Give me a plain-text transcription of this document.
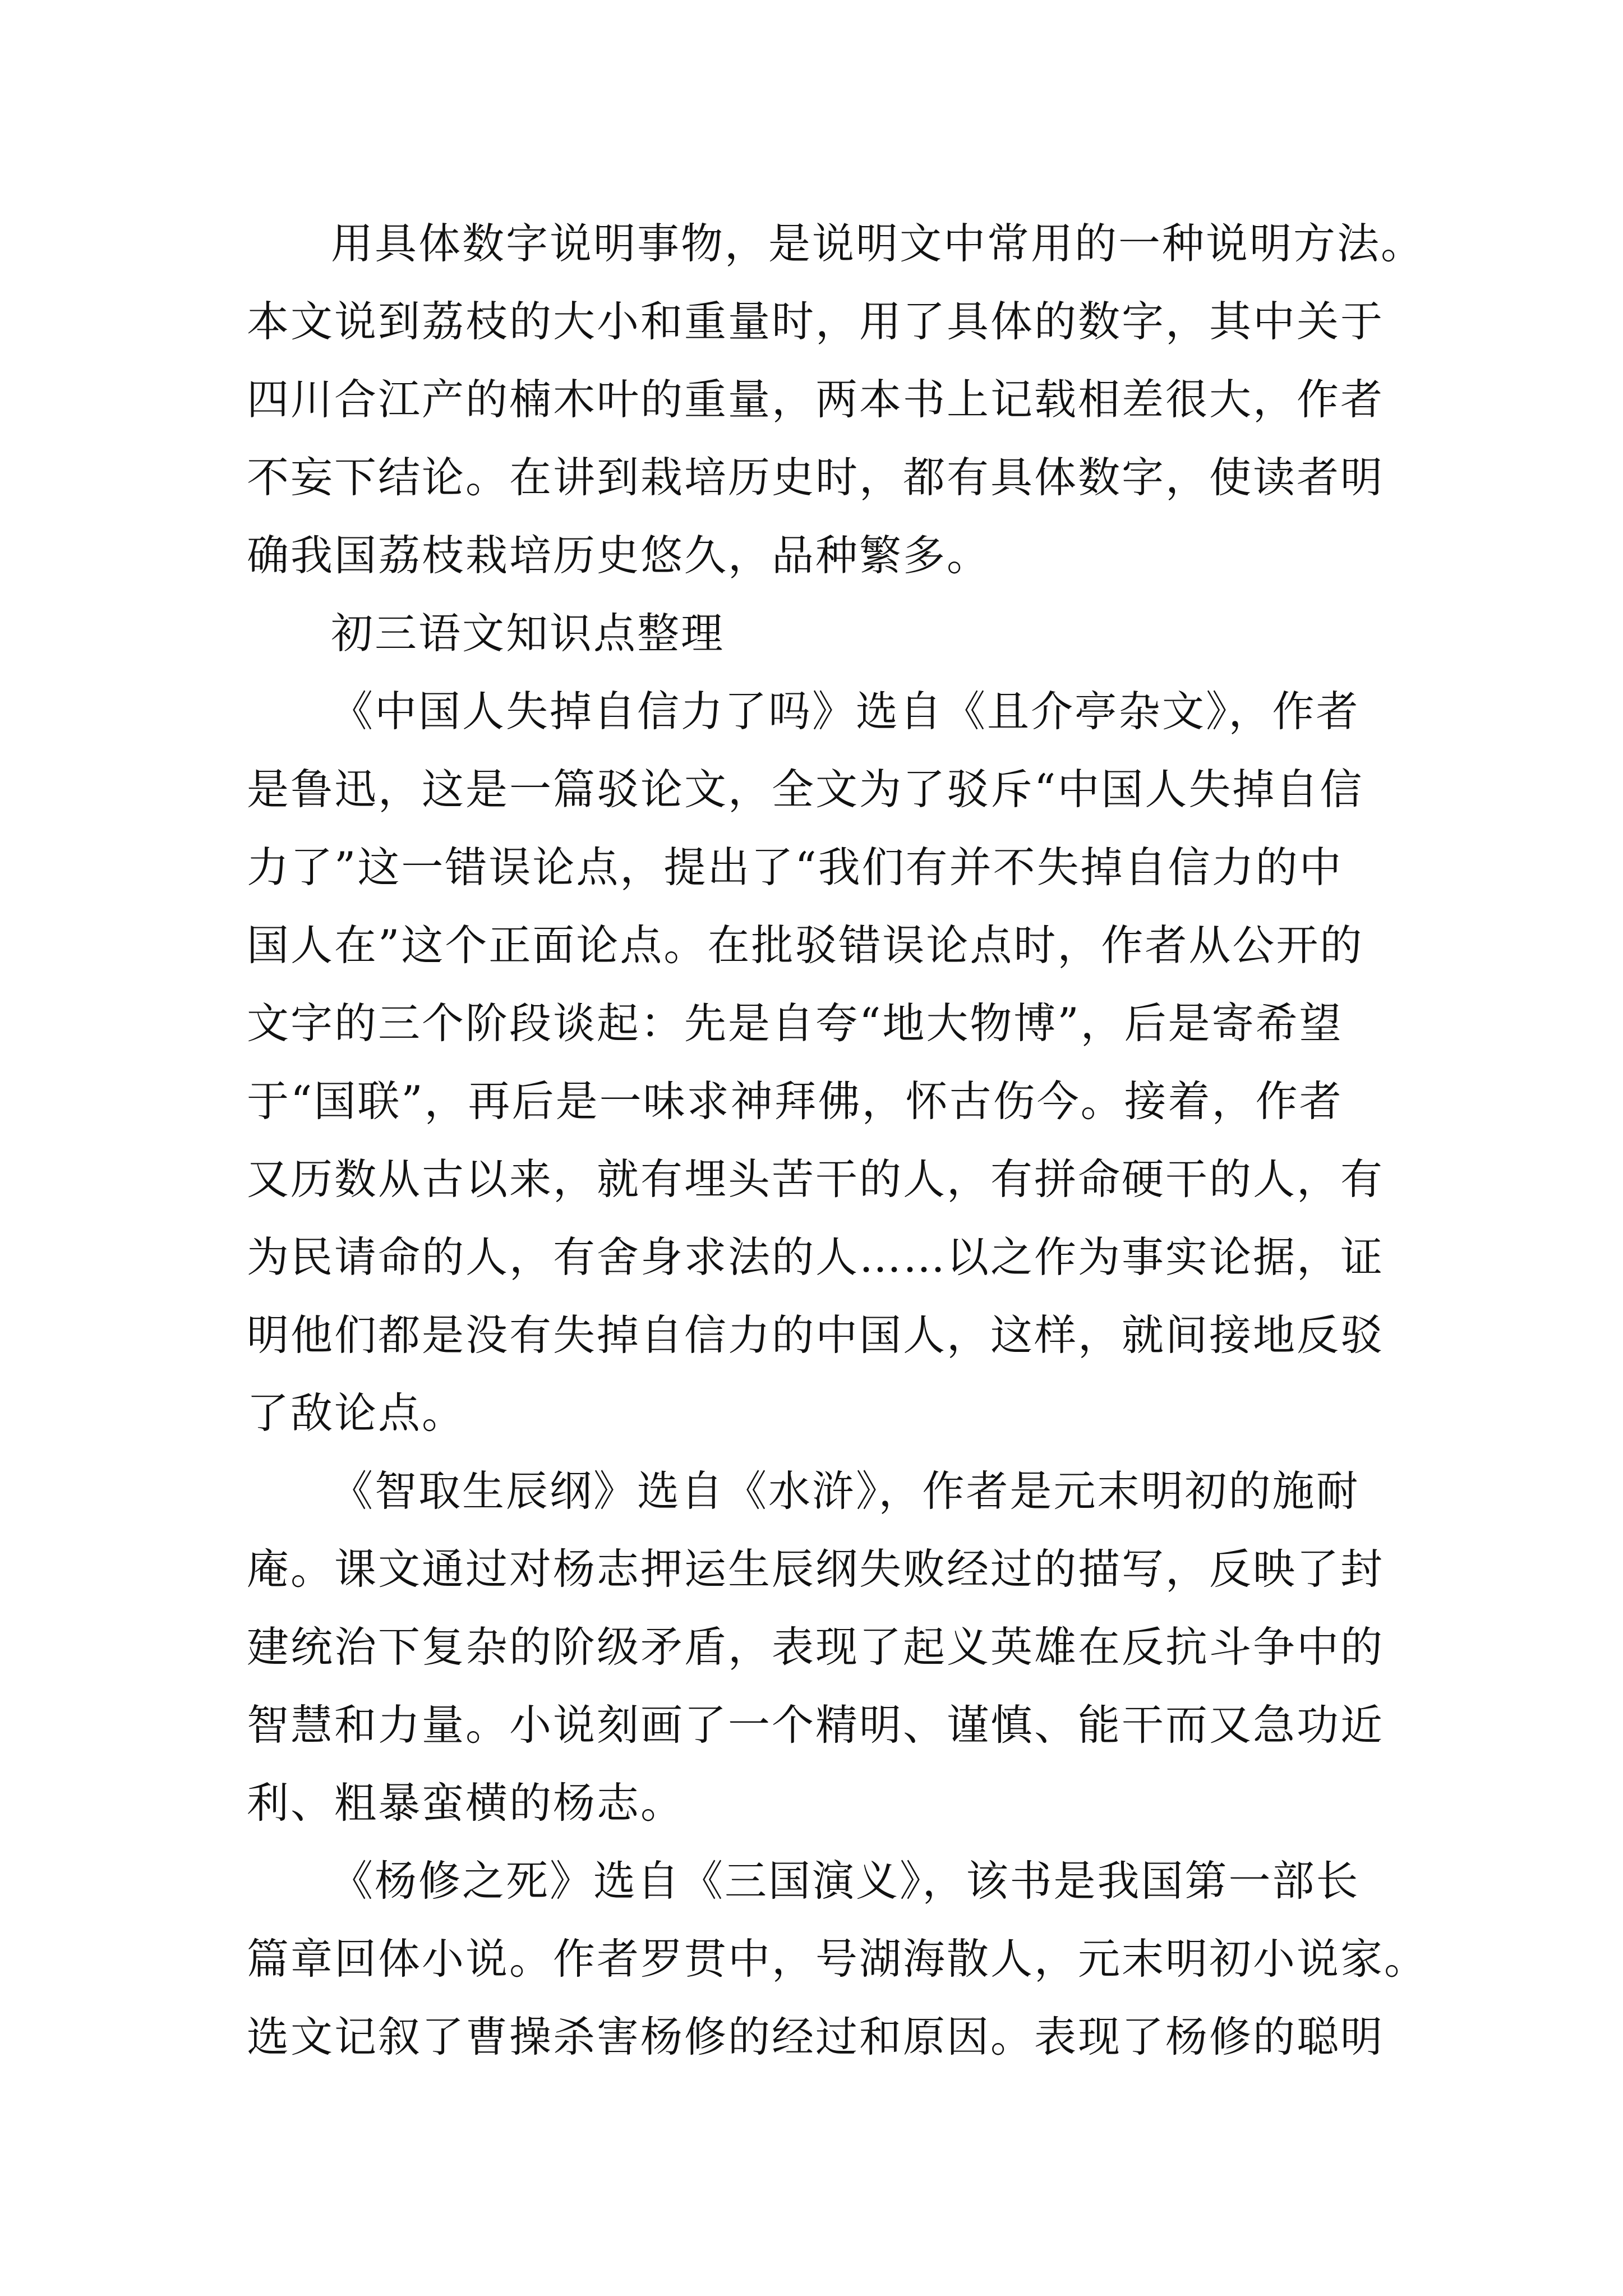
用具体数字说明事物，是说明文中常用的一种说明方法。
本文说到荔枝的大小和重量时，用了具体的数字，其中关于
四川合江产的楠木叶的重量，两本书上记载相差很大，作者
不妄下结论。在讲到栽培历史时，都有具体数字，使读者明
确我国荔枝栽培历史悠久，品种繁多。
初三语文知识点整理
《中国人失掉自信力了吗》选自《且介亭杂文》，作者
是鲁迅，这是一篇驳论文，全文为了驳斥“中国人失掉自信
力了”这一错误论点，提出了“我们有并不失掉自信力的中
国人在”这个正面论点。在批驳错误论点时，作者从公开的
文字的三个阶段谈起：先是自夸“地大物博”，后是寄希望
于“国联”，再后是一味求神拜佛，怀古伤今。接着，作者
又历数从古以来，就有埋头苦干的人，有拼命硬干的人，有
为民请命的人，有舍身求法的人……以之作为事实论据，证
明他们都是没有失掉自信力的中国人，这样，就间接地反驳
了敌论点。
《智取生辰纲》选自《水浒》，作者是元末明初的施耐
庵。课文通过对杨志押运生辰纲失败经过的描写，反映了封
建统治下复杂的阶级矛盾，表现了起义英雄在反抗斗争中的
智慧和力量。小说刻画了一个精明、谨慎、能干而又急功近
利、粗暴蛮横的杨志。
《杨修之死》选自《三国演义》，该书是我国第一部长
篇章回体小说。作者罗贯中，号湖海散人，元末明初小说家。
选文记叙了曹操杀害杨修的经过和原因。表现了杨修的聪明
